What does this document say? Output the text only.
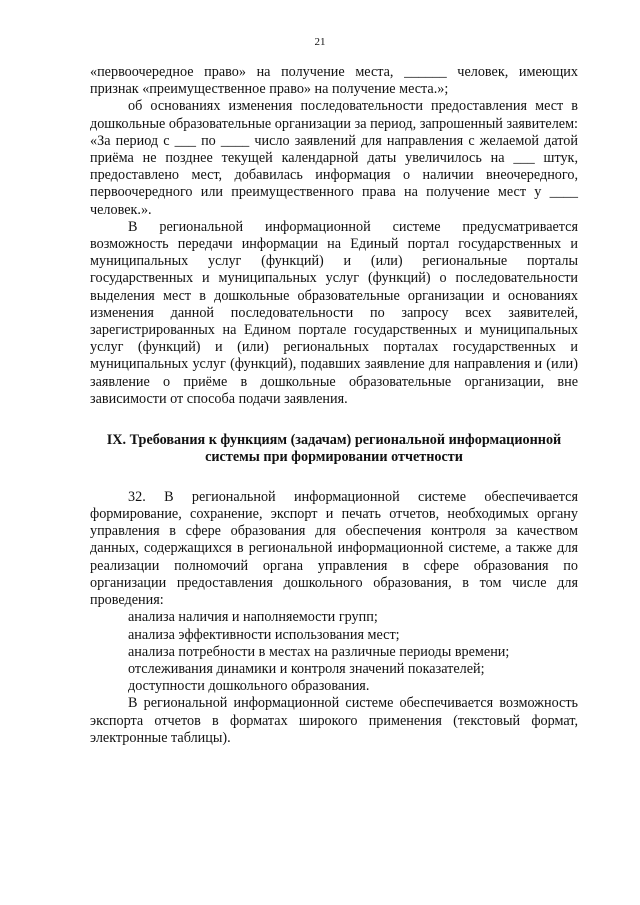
21

«первоочередное право» на получение места, ______ человек, имеющих признак «преимущественное право» на получение места.»;

об основаниях изменения последовательности предоставления мест в дошкольные образовательные организации за период, запрошенный заявителем: «За период с ___ по ____ число заявлений для направления с желаемой датой приёма не позднее текущей календарной даты увеличилось на ___ штук, предоставлено мест, добавилась информация о наличии внеочередного, первоочередного или преимущественного права на получение мест у ____ человек.».

В региональной информационной системе предусматривается возможность передачи информации на Единый портал государственных и муниципальных услуг (функций) и (или) региональные порталы государственных и муниципальных услуг (функций) о последовательности выделения мест в дошкольные образовательные организации и основаниях изменения данной последовательности по запросу всех заявителей, зарегистрированных на Едином портале государственных и муниципальных услуг (функций) и (или) региональных порталах государственных и муниципальных услуг (функций), подавших заявление для направления и (или) заявление о приёме в дошкольные образовательные организации, вне зависимости от способа подачи заявления.

IX. Требования к функциям (задачам) региональной информационной
системы при формировании отчетности

32. В региональной информационной системе обеспечивается формирование, сохранение, экспорт и печать отчетов, необходимых органу управления в сфере образования для обеспечения контроля за качеством данных, содержащихся в региональной информационной системе, а также для реализации полномочий органа управления в сфере образования по организации предоставления дошкольного образования, в том числе для проведения:

анализа наличия и наполняемости групп;

анализа эффективности использования мест;

анализа потребности в местах на различные периоды времени;

отслеживания динамики и контроля значений показателей;

доступности дошкольного образования.

В региональной информационной системе обеспечивается возможность экспорта отчетов в форматах широкого применения (текстовый формат, электронные таблицы).
